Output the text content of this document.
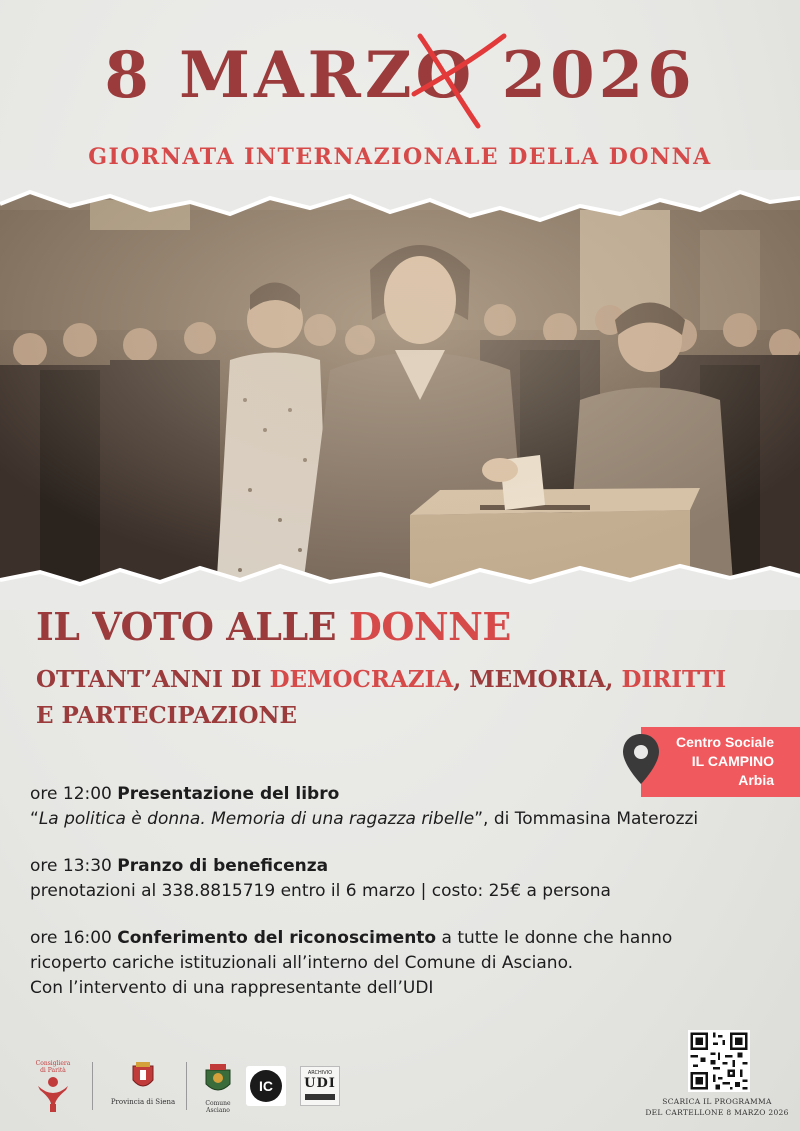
8 MARZO
2026
GIORNATA INTERNAZIONALE DELLA DONNA
IL VOTO ALLE DONNE
OTTANT’ANNI DI DEMOCRAZIA, MEMORIA, DIRITTI
E PARTECIPAZIONE
Centro Sociale
IL CAMPINO
Arbia
ore 12:00 Presentazione del libro
“La politica è donna. Memoria di una ragazza ribelle”, di Tommasina Materozzi
ore 13:30 Pranzo di beneficenza
prenotazioni al 338.8815719 entro il 6 marzo | costo: 25€ a persona
ore 16:00 Conferimento del riconoscimento a tutte le donne che hanno
ricoperto cariche istituzionali all’interno del Comune di Asciano.
Con l’intervento di una rappresentante dell’UDI
Consigliera di Parità
Provincia di Siena	Comune Asciano
IC
ARCHIVIO
UDI
SCARICA IL PROGRAMMA
DEL CARTELLONE 8 MARZO 2026
